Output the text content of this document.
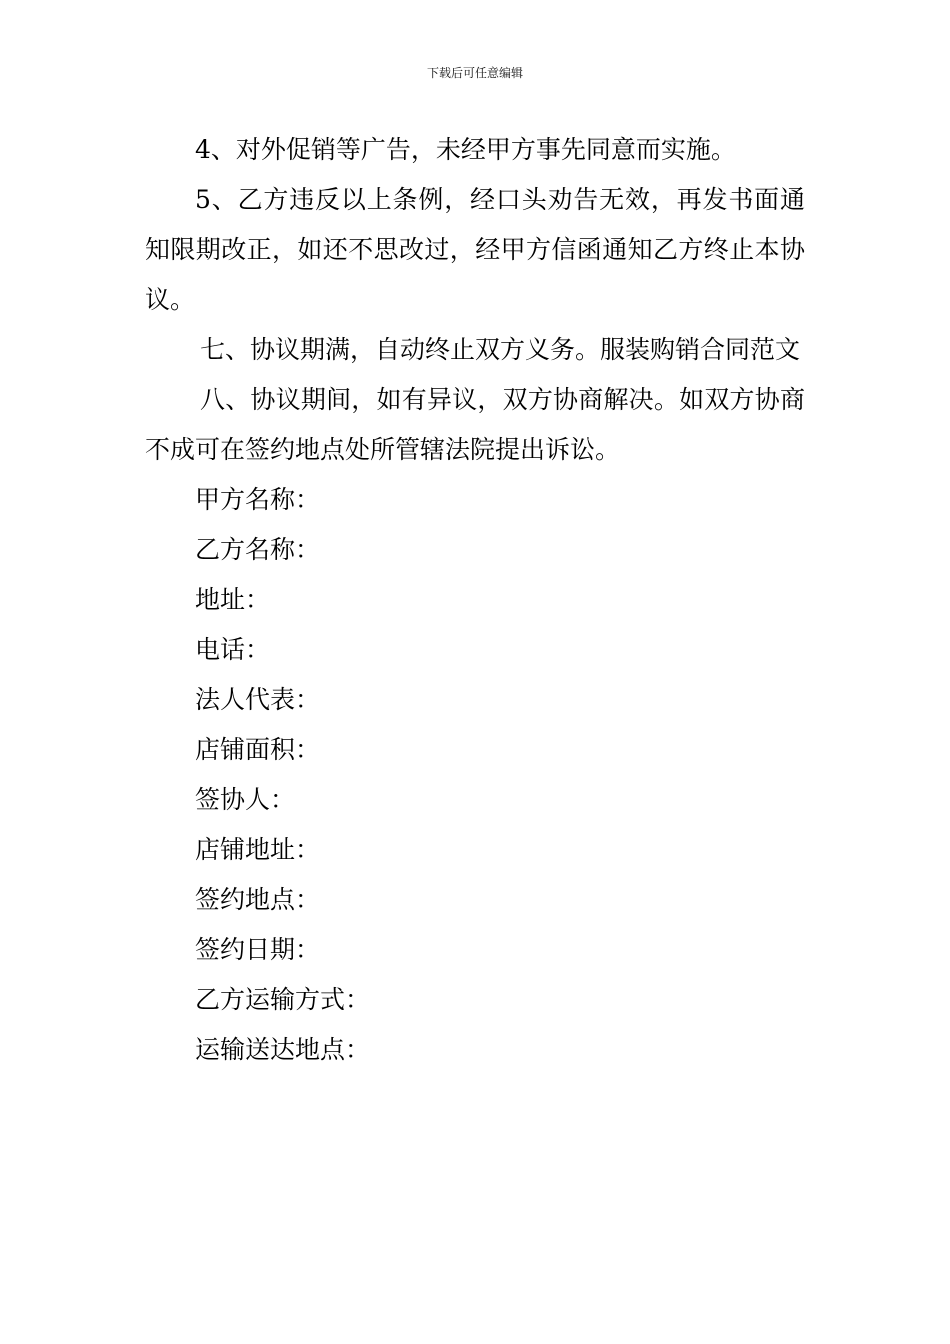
下载后可任意编辑

4、对外促销等广告，未经甲方事先同意而实施。

5、乙方违反以上条例，经口头劝告无效，再发书面通知限期改正，如还不思改过，经甲方信函通知乙方终止本协议。

七、协议期满，自动终止双方义务。服装购销合同范文

八、协议期间，如有异议，双方协商解决。如双方协商不成可在签约地点处所管辖法院提出诉讼。

甲方名称：

乙方名称：

地址：

电话：

法人代表：

店铺面积：

签协人：

店铺地址：

签约地点：

签约日期：

乙方运输方式：

运输送达地点：
